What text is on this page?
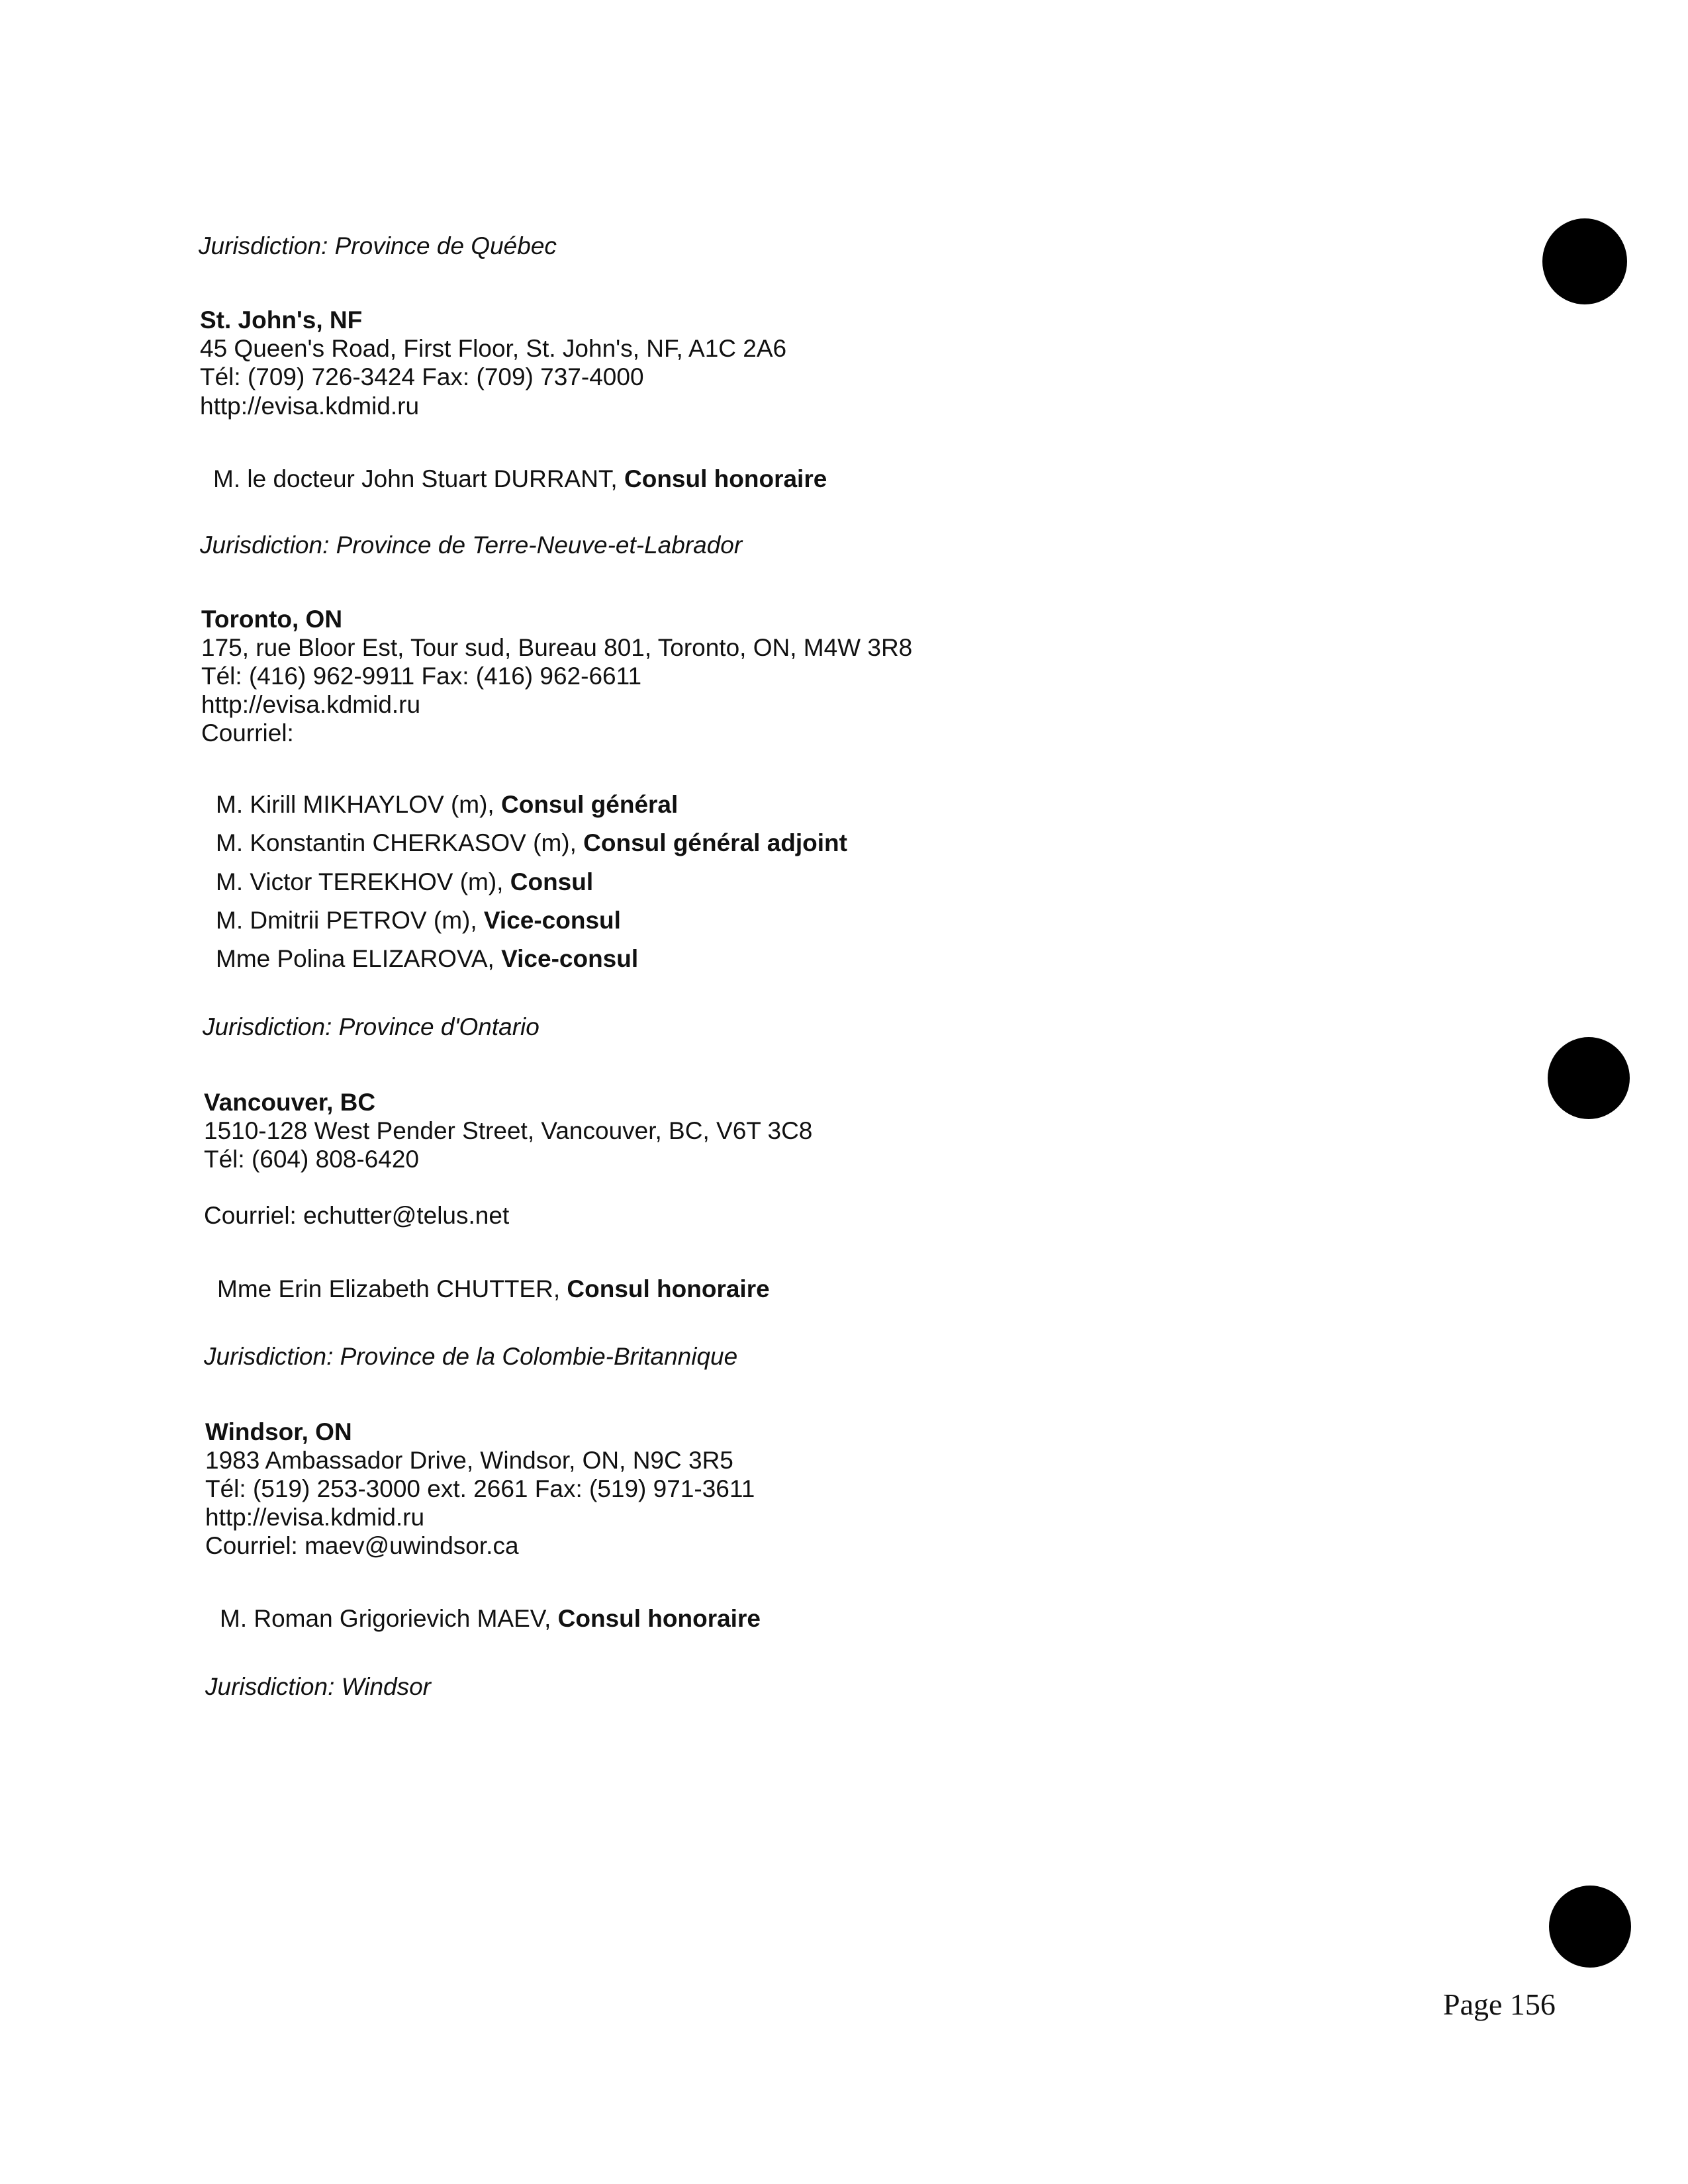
Jurisdiction: Province de Québec
St. John's, NF
45 Queen's Road, First Floor, St. John's, NF, A1C 2A6
Tél: (709) 726-3424 Fax: (709) 737-4000
http://evisa.kdmid.ru
M. le docteur John Stuart DURRANT, Consul honoraire
Jurisdiction: Province de Terre-Neuve-et-Labrador
Toronto, ON
175, rue Bloor Est, Tour sud, Bureau 801, Toronto, ON, M4W 3R8
Tél: (416) 962-9911 Fax: (416) 962-6611
http://evisa.kdmid.ru
Courriel:
M. Kirill MIKHAYLOV (m), Consul général
M. Konstantin CHERKASOV (m), Consul général adjoint
M. Victor TEREKHOV (m), Consul
M. Dmitrii PETROV (m), Vice-consul
Mme Polina ELIZAROVA, Vice-consul
Jurisdiction: Province d'Ontario
Vancouver, BC
1510-128 West Pender Street, Vancouver, BC, V6T 3C8
Tél: (604) 808-6420
Courriel: echutter@telus.net
Mme Erin Elizabeth CHUTTER, Consul honoraire
Jurisdiction: Province de la Colombie-Britannique
Windsor, ON
1983 Ambassador Drive, Windsor, ON, N9C 3R5
Tél: (519) 253-3000 ext. 2661 Fax: (519) 971-3611
http://evisa.kdmid.ru
Courriel: maev@uwindsor.ca
M. Roman Grigorievich MAEV, Consul honoraire
Jurisdiction: Windsor
Page 156
